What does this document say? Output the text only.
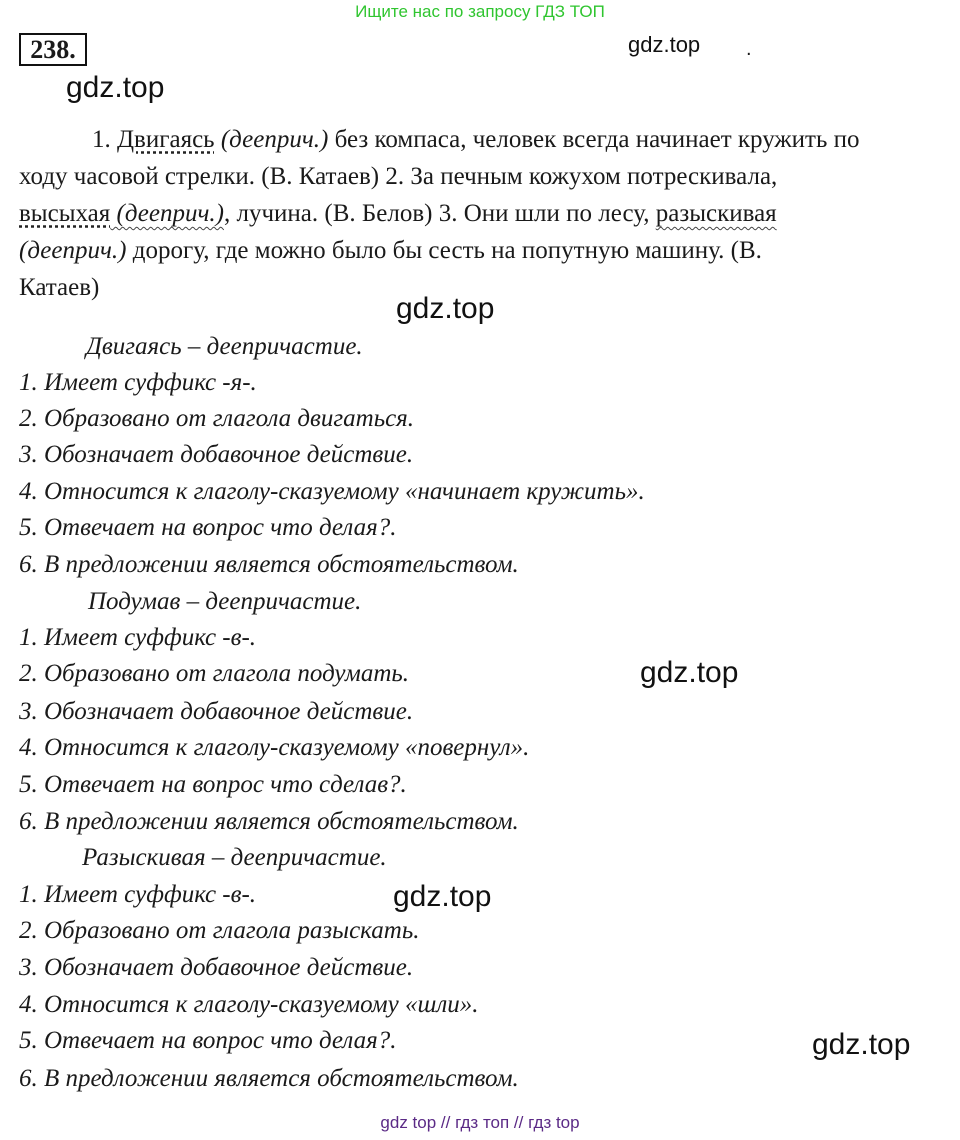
Ищите нас по запросу ГДЗ ТОП
238.	gdz.top .
gdz.top
1. Двигаясь (дееприч.) без компаса, человек всегда начинает кружить по
ходу часовой стрелки. (В. Катаев) 2. За печным кожухом потрескивала,
высыхая (дееприч.), лучина. (В. Белов) 3. Они шли по лесу, разыскивая
(дееприч.) дорогу, где можно было бы сесть на попутную машину. (В.
Катаев)
gdz.top
Двигаясь – деепричастие.
1. Имеет суффикс -я-.
2. Образовано от глагола двигаться.
3. Обозначает добавочное действие.
4. Относится к глаголу-сказуемому «начинает кружить».
5. Отвечает на вопрос что делая?.
6. В предложении является обстоятельством.
Подумав – деепричастие.
1. Имеет суффикс -в-.
2. Образовано от глагола подумать.
3. Обозначает добавочное действие.
4. Относится к глаголу-сказуемому «повернул».
5. Отвечает на вопрос что сделав?.
6. В предложении является обстоятельством.
gdz.top
Разыскивая – деепричастие.
1. Имеет суффикс -в-.
2. Образовано от глагола разыскать.
3. Обозначает добавочное действие.
4. Относится к глаголу-сказуемому «шли».
5. Отвечает на вопрос что делая?.
6. В предложении является обстоятельством.
gdz.top
gdz.top
gdz top // гдз топ // гдз top
